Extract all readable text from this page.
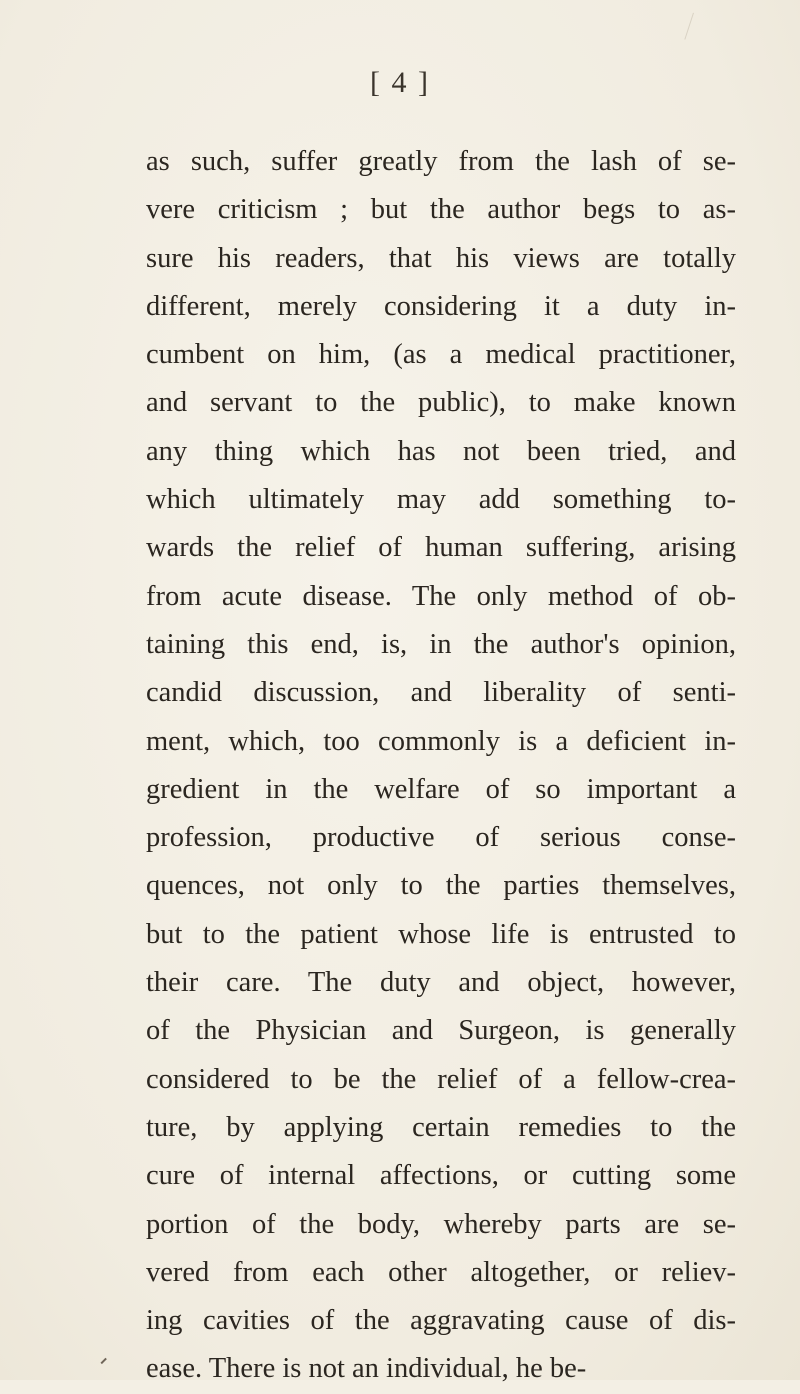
[ 4 ]
as such, suffer greatly from the lash of se-
vere criticism ; but the author begs to as-
sure his readers, that his views are totally
different, merely considering it a duty in-
cumbent on him, (as a medical practitioner,
and servant to the public), to make known
any thing which has not been tried, and
which ultimately may add something to-
wards the relief of human suffering, arising
from acute disease. The only method of ob-
taining this end, is, in the author's opinion,
candid discussion, and liberality of senti-
ment, which, too commonly is a deficient in-
gredient in the welfare of so important a
profession, productive of serious conse-
quences, not only to the parties themselves,
but to the patient whose life is entrusted to
their care. The duty and object, however,
of the Physician and Surgeon, is generally
considered to be the relief of a fellow-crea-
ture, by applying certain remedies to the
cure of internal affections, or cutting some
portion of the body, whereby parts are se-
vered from each other altogether, or reliev-
ing cavities of the aggravating cause of dis-
ease. There is not an individual, he be-
